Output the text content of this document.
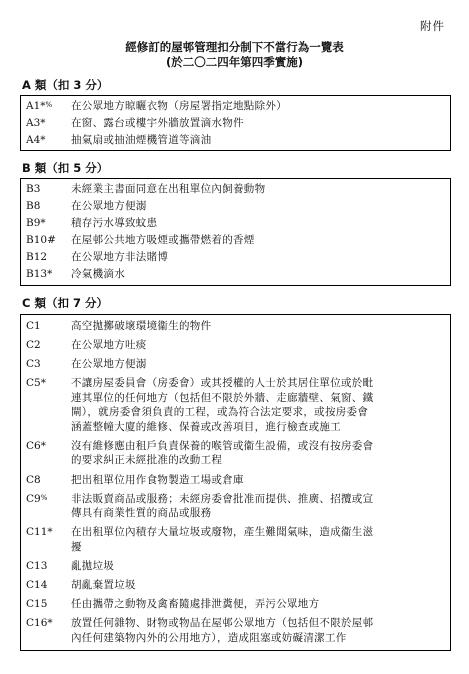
附件
經修訂的屋邨管理扣分制下不當行為一覽表
(於二〇二四年第四季實施)
A 類（扣 3 分）
A1*% 在公眾地方晾曬衣物（房屋署指定地點除外）
A3* 在窗、露台或樓宇外牆放置滴水物件
A4* 抽氣扇或抽油煙機管道等滴油
B 類（扣 5 分）
B3	未經業主書面同意在出租單位內飼養動物
B8	在公眾地方便溺
B9* 積存污水導致蚊患
B10# 在屋邨公共地方吸煙或攜帶燃着的香煙
B12 在公眾地方非法賭博
B13* 冷氣機滴水
C 類（扣 7 分）
C1	高空拋擲破壞環境衞生的物件
C2	在公眾地方吐痰
C3	在公眾地方便溺
C5* 不讓房屋委員會（房委會）或其授權的人士於其居住單位或於毗
連其單位的任何地方（包括但不限於外牆、走廊牆壁、氣窗、鐵
閘），就房委會須負責的工程，或為符合法定要求，或按房委會
涵蓋整幢大廈的維修、保養或改善項目，進行檢查或施工
C6* 沒有維修應由租戶負責保養的喉管或衞生設備，或沒有按房委會
的要求糾正未經批准的改動工程
C8	把出租單位用作食物製造工場或倉庫
C9% 非法販賣商品或服務；未經房委會批准而提供、推廣、招攬或宣
傳具有商業性質的商品或服務
C11* 在出租單位內積存大量垃圾或廢物，產生難聞氣味，造成衞生滋
擾
C13 亂拋垃圾
C14 胡亂棄置垃圾
C15 任由攜帶之動物及禽畜隨處排泄糞便，弄污公眾地方
C16* 放置任何雜物、財物或物品在屋邨公眾地方（包括但不限於屋邨
內任何建築物內外的公用地方），造成阻塞或妨礙清潔工作
